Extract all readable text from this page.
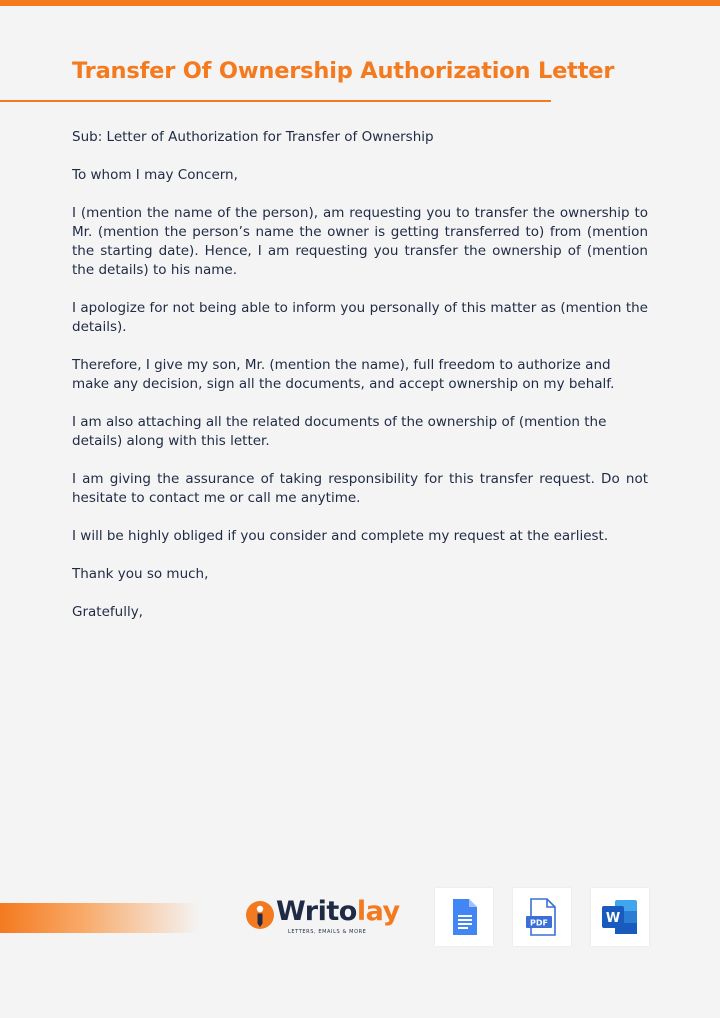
Transfer Of Ownership Authorization Letter

Sub: Letter of Authorization for Transfer of Ownership

To whom I may Concern,

I (mention the name of the person), am requesting you to transfer the ownership to Mr. (mention the person’s name the owner is getting transferred to) from (mention the starting date). Hence, I am requesting you transfer the ownership of (mention the details) to his name.

I apologize for not being able to inform you personally of this matter as (mention the details).

Therefore, I give my son, Mr. (mention the name), full freedom to authorize and make any decision, sign all the documents, and accept ownership on my behalf.

I am also attaching all the related documents of the ownership of (mention the details) along with this letter.

I am giving the assurance of taking responsibility for this transfer request. Do not hesitate to contact me or call me anytime.

I will be highly obliged if you consider and complete my request at the earliest.

Thank you so much,

Gratefully,

Writolay
LETTERS, EMAILS & MORE
PDF	W
